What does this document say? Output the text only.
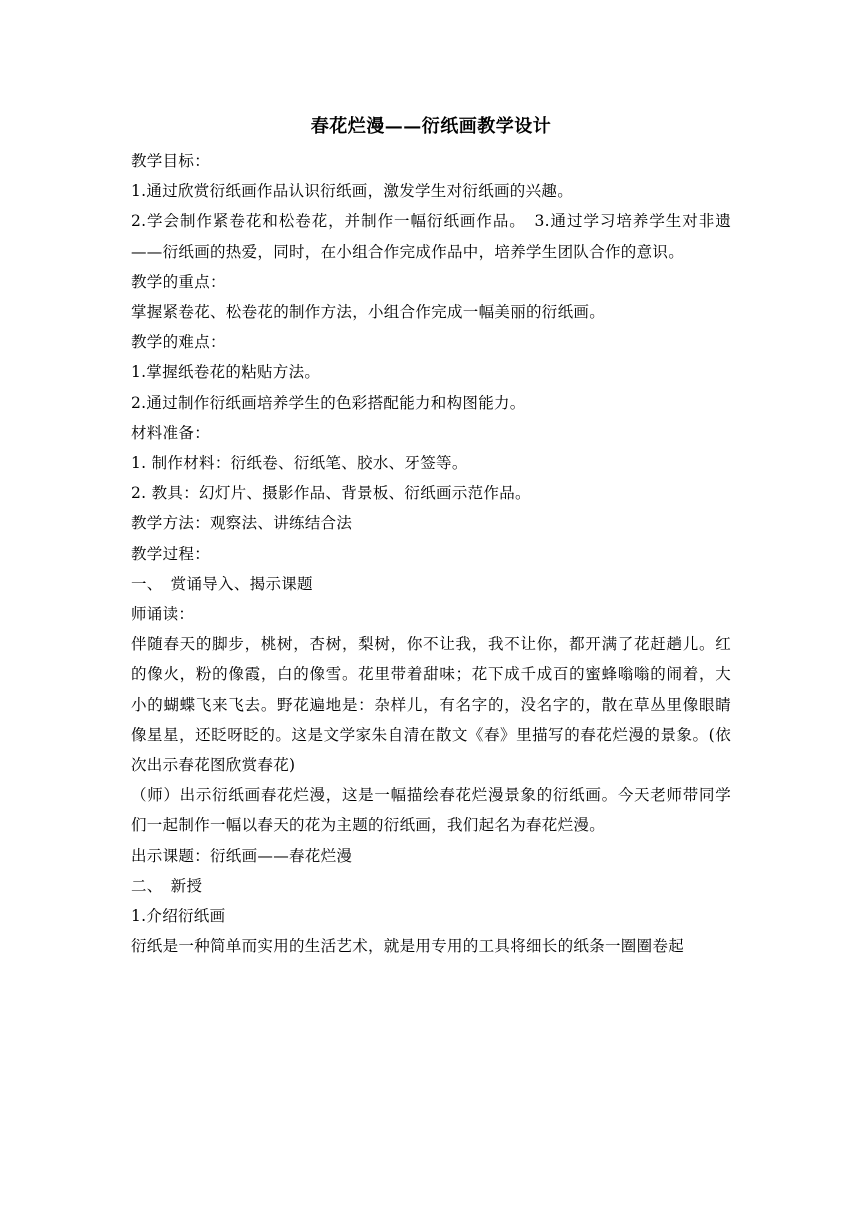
春花烂漫——衍纸画教学设计

教学目标：

1.通过欣赏衍纸画作品认识衍纸画，激发学生对衍纸画的兴趣。

2.学会制作紧卷花和松卷花，并制作一幅衍纸画作品。　3.通过学习培养学生对非遗——衍纸画的热爱，同时，在小组合作完成作品中，培养学生团队合作的意识。

教学的重点：

掌握紧卷花、松卷花的制作方法，小组合作完成一幅美丽的衍纸画。

教学的难点：

1.掌握纸卷花的粘贴方法。

2.通过制作衍纸画培养学生的色彩搭配能力和构图能力。

材料准备：

1. 制作材料：衍纸卷、衍纸笔、胶水、牙签等。

2. 教具：幻灯片、摄影作品、背景板、衍纸画示范作品。

教学方法：观察法、讲练结合法

教学过程：

一、　赏诵导入、揭示课题

师诵读：

伴随春天的脚步，桃树，杏树，梨树，你不让我，我不让你，都开满了花赶趟儿。红的像火，粉的像霞，白的像雪。花里带着甜味；花下成千成百的蜜蜂嗡嗡的闹着，大小的蝴蝶飞来飞去。野花遍地是：杂样儿，有名字的，没名字的，散在草丛里像眼睛像星星，还眨呀眨的。这是文学家朱自清在散文《春》里描写的春花烂漫的景象。(依次出示春花图欣赏春花)

（师）出示衍纸画春花烂漫，这是一幅描绘春花烂漫景象的衍纸画。今天老师带同学们一起制作一幅以春天的花为主题的衍纸画，我们起名为春花烂漫。

出示课题：衍纸画——春花烂漫

二、　新授

1.介绍衍纸画

衍纸是一种简单而实用的生活艺术，就是用专用的工具将细长的纸条一圈圈卷起
